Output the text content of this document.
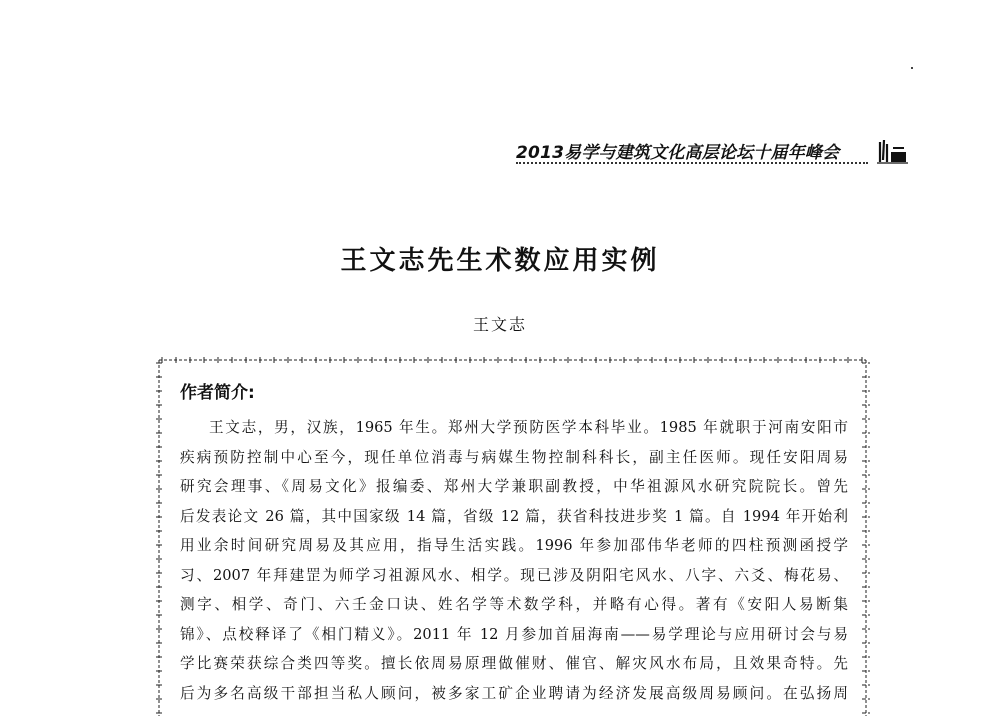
2013易学与建筑文化高层论坛十届年峰会
王文志先生术数应用实例
王文志
作者简介:
王文志，男，汉族，1965 年生。郑州大学预防医学本科毕业。1985 年就职于河南安阳市
疾病预防控制中心至今，现任单位消毒与病媒生物控制科科长，副主任医师。现任安阳周易
研究会理事、《周易文化》报编委、郑州大学兼职副教授，中华祖源风水研究院院长。曾先
后发表论文 26 篇，其中国家级 14 篇，省级 12 篇，获省科技进步奖 1 篇。自 1994 年开始利
用业余时间研究周易及其应用，指导生活实践。1996 年参加邵伟华老师的四柱预测函授学
习、2007 年拜建罡为师学习祖源风水、相学。现已涉及阴阳宅风水、八字、六爻、梅花易、
测字、相学、奇门、六壬金口诀、姓名学等术数学科，并略有心得。著有《安阳人易断集
锦》、点校释译了《相门精义》。2011 年 12 月参加首届海南——易学理论与应用研讨会与易
学比赛荣获综合类四等奖。擅长依周易原理做催财、催官、解灾风水布局，且效果奇特。先
后为多名高级干部担当私人顾问，被多家工矿企业聘请为经济发展高级周易顾问。在弘扬周
